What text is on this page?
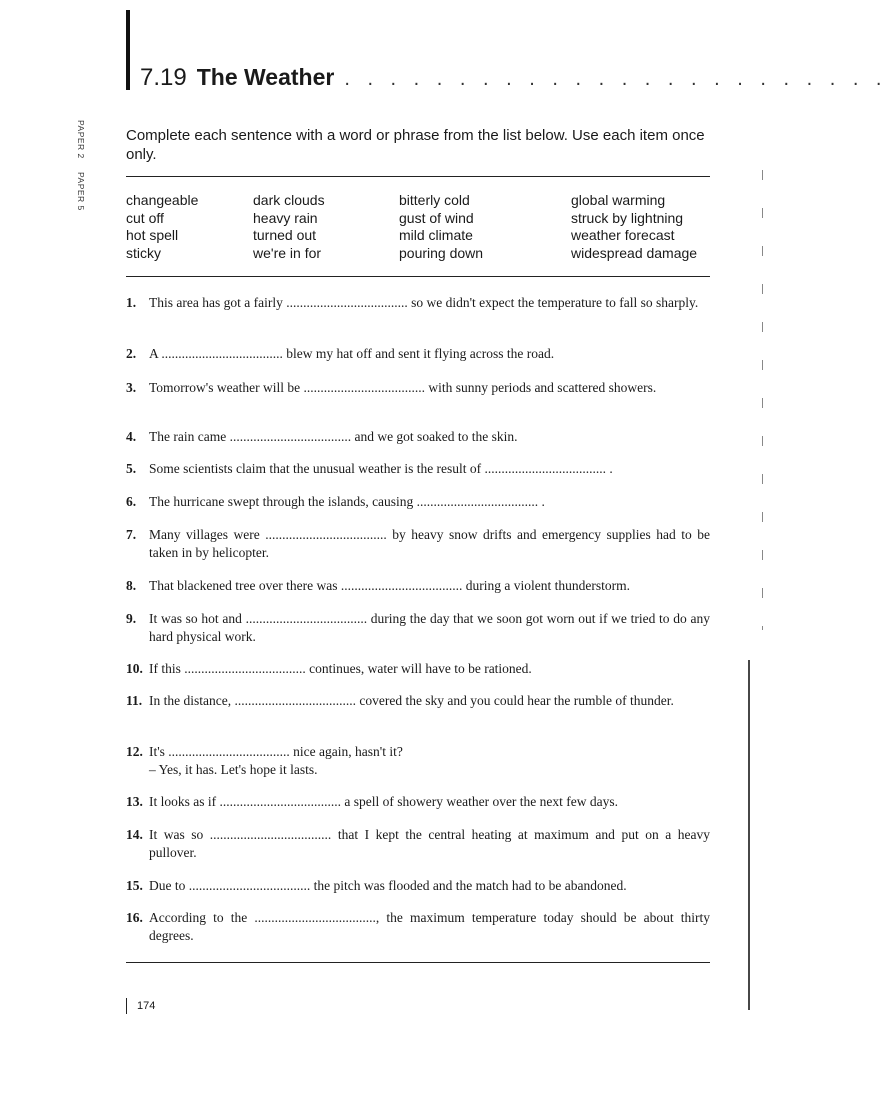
7.19 The Weather . . . . . . . . . . . . . . . . . . . . . . . .
PAPER 2 PAPER 5
Complete each sentence with a word or phrase from the list below. Use each item once only.
changeable
cut off
hot spell
sticky
dark clouds
heavy rain
turned out
we're in for
bitterly cold
gust of wind
mild climate
pouring down
global warming
struck by lightning
weather forecast
widespread damage
1. This area has got a fairly .................................... so we didn't expect the temperature to fall so sharply.
2. A .................................... blew my hat off and sent it flying across the road.
3. Tomorrow's weather will be .................................... with sunny periods and scattered showers.
4. The rain came .................................... and we got soaked to the skin.
5. Some scientists claim that the unusual weather is the result of .................................... .
6. The hurricane swept through the islands, causing .................................... .
7. Many villages were .................................... by heavy snow drifts and emergency supplies had to be taken in by helicopter.
8. That blackened tree over there was .................................... during a violent thunderstorm.
9. It was so hot and .................................... during the day that we soon got worn out if we tried to do any hard physical work.
10. If this .................................... continues, water will have to be rationed.
11. In the distance, .................................... covered the sky and you could hear the rumble of thunder.
12. It's .................................... nice again, hasn't it?
– Yes, it has. Let's hope it lasts.
13. It looks as if .................................... a spell of showery weather over the next few days.
14. It was so .................................... that I kept the central heating at maximum and put on a heavy pullover.
15. Due to .................................... the pitch was flooded and the match had to be abandoned.
16. According to the ...................................., the maximum temperature today should be about thirty degrees.
174
